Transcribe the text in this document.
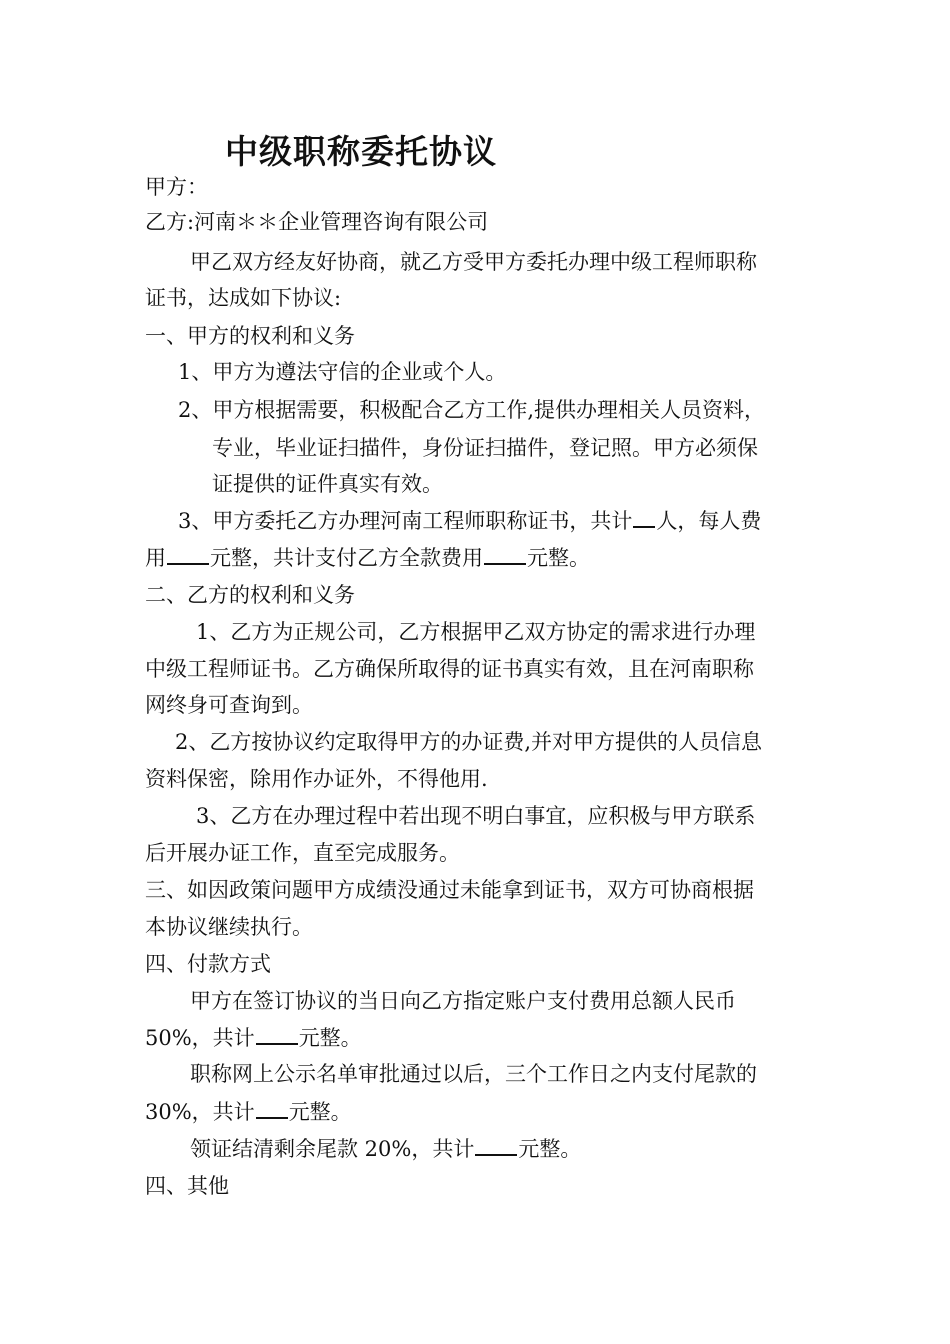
中级职称委托协议
甲方：
乙方:河南＊＊企业管理咨询有限公司
甲乙双方经友好协商，就乙方受甲方委托办理中级工程师职称
证书，达成如下协议:
一、甲方的权利和义务
1、甲方为遵法守信的企业或个人。
2、甲方根据需要，积极配合乙方工作,提供办理相关人员资料，
专业，毕业证扫描件，身份证扫描件，登记照。甲方必须保
证提供的证件真实有效。
3、甲方委托乙方办理河南工程师职称证书，共计 人，每人费
用 元整，共计支付乙方全款费用 元整。
二、乙方的权利和义务
1、乙方为正规公司，乙方根据甲乙双方协定的需求进行办理
中级工程师证书。乙方确保所取得的证书真实有效，且在河南职称
网终身可查询到。
2、乙方按协议约定取得甲方的办证费,并对甲方提供的人员信息
资料保密，除用作办证外，不得他用.
3、乙方在办理过程中若出现不明白事宜，应积极与甲方联系
后开展办证工作，直至完成服务。
三、如因政策问题甲方成绩没通过未能拿到证书，双方可协商根据
本协议继续执行。
四、付款方式
甲方在签订协议的当日向乙方指定账户支付费用总额人民币
50%，共计 元整。
职称网上公示名单审批通过以后，三个工作日之内支付尾款的
30%，共计 元整。
领证结清剩余尾款 20%，共计 元整。
四、其他
